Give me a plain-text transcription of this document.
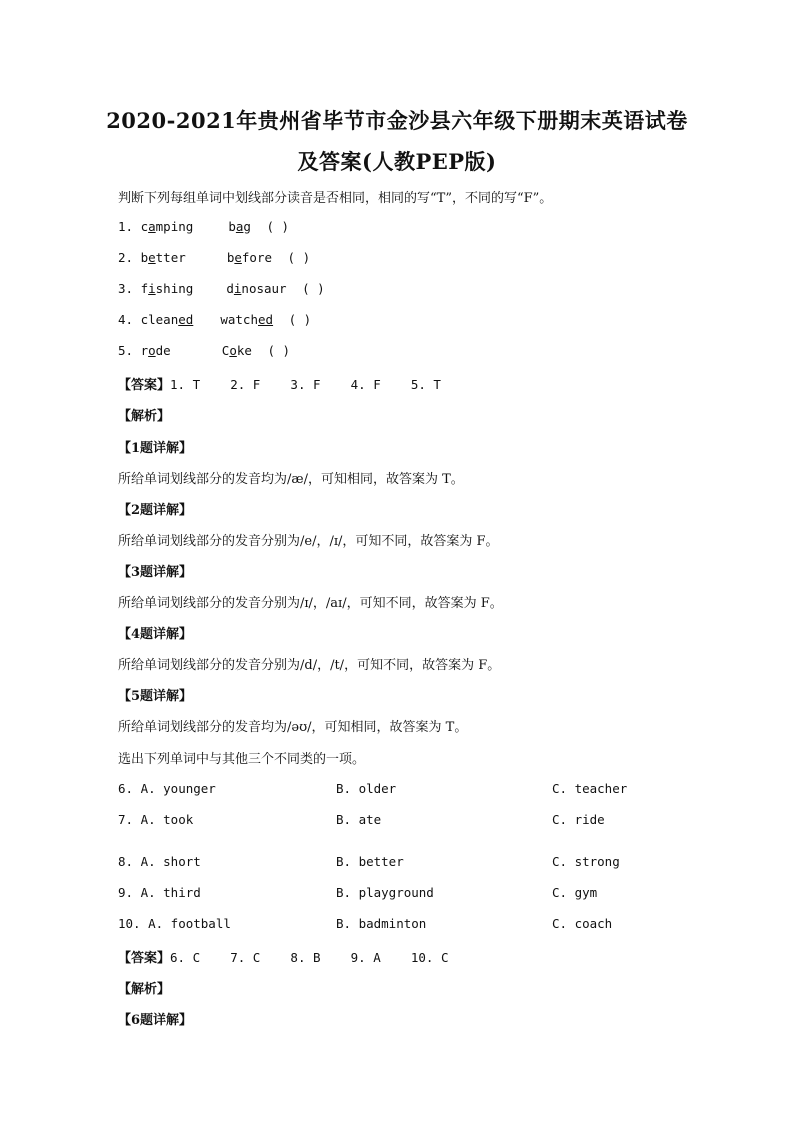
2020-2021年贵州省毕节市金沙县六年级下册期末英语试卷
及答案(人教PEP版)
判断下列每组单词中划线部分读音是否相同，相同的写“T”，不同的写“F”。
1. camping	bag ( )
2. better	before ( )
3. fishing	dinosaur ( )
4. cleaned watched ( )
5. rode	Coke ( )
【答案】1. T    2. F    3. F    4. F    5. T
【解析】
【1题详解】
所给单词划线部分的发音均为/æ/，可知相同，故答案为 T。
【2题详解】
所给单词划线部分的发音分别为/e/，/ɪ/，可知不同，故答案为 F。
【3题详解】
所给单词划线部分的发音分别为/ɪ/，/aɪ/，可知不同，故答案为 F。
【4题详解】
所给单词划线部分的发音分别为/d/，/t/，可知不同，故答案为 F。
【5题详解】
所给单词划线部分的发音均为/əʊ/，可知相同，故答案为 T。
选出下列单词中与其他三个不同类的一项。
6. A. younger	B. older	C. teacher
7. A. took	B. ate	C. ride
8. A. short	B. better	C. strong
9. A. third	B. playground	C. gym
10. A. football	B. badminton	C. coach
【答案】6. C    7. C    8. B    9. A    10. C
【解析】
【6题详解】
